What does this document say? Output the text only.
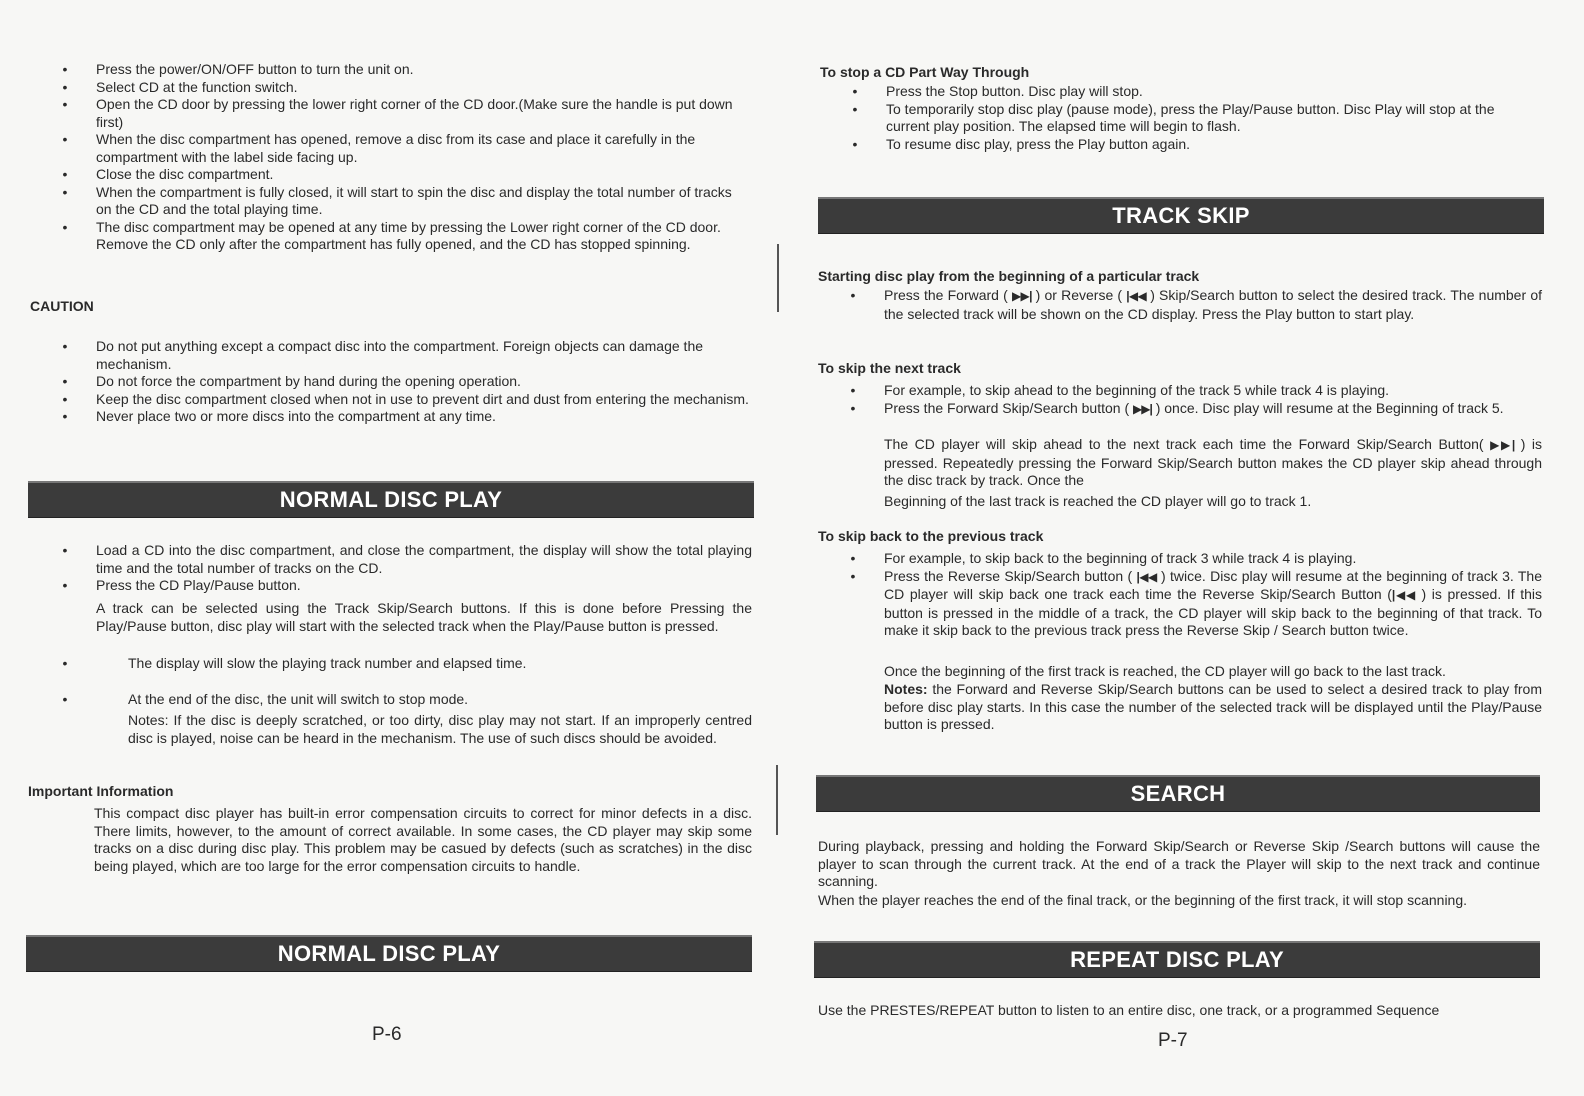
• Press the power/ON/OFF button to turn the unit on.
• Select CD at the function switch.
• Open the CD door by pressing the lower right corner of the CD door.(Make sure the handle is put down first)
• When the disc compartment has opened, remove a disc from its case and place it carefully in the compartment with the label side facing up.
• Close the disc compartment.
• When the compartment is fully closed, it will start to spin the disc and display the total number of tracks on the CD and the total playing time.
• The disc compartment may be opened at any time by pressing the Lower right corner of the CD door. Remove the CD only after the compartment has fully opened, and the CD has stopped spinning.
CAUTION
• Do not put anything except a compact disc into the compartment. Foreign objects can damage the mechanism.
• Do not force the compartment by hand during the opening operation.
• Keep the disc compartment closed when not in use to prevent dirt and dust from entering the mechanism.
• Never place two or more discs into the compartment at any time.
NORMAL DISC PLAY
• Load a CD into the disc compartment, and close the compartment, the display will show the total playing time and the total number of tracks on the CD.
• Press the CD Play/Pause button.
A track can be selected using the Track Skip/Search buttons. If this is done before Pressing the Play/Pause button, disc play will start with the selected track when the Play/Pause button is pressed.
•	The display will slow the playing track number and elapsed time.
•	At the end of the disc, the unit will switch to stop mode.
Notes: If the disc is deeply scratched, or too dirty, disc play may not start. If an improperly centred disc is played, noise can be heard in the mechanism. The use of such discs should be avoided.
Important Information
This compact disc player has built-in error compensation circuits to correct for minor defects in a disc. There limits, however, to the amount of correct available. In some cases, the CD player may skip some tracks on a disc during disc play. This problem may be casued by defects (such as scratches) in the disc being played, which are too large for the error compensation circuits to handle.
NORMAL DISC PLAY
P-6
To stop a CD Part Way Through
• Press the Stop button. Disc play will stop.
• To temporarily stop disc play (pause mode), press the Play/Pause button. Disc Play will stop at the current play position. The elapsed time will begin to flash.
• To resume disc play, press the Play button again.
TRACK SKIP
Starting disc play from the beginning of a particular track
• Press the Forward ( ▶▶| ) or Reverse ( |◀◀ ) Skip/Search button to select the desired track. The number of the selected track will be shown on the CD display. Press the Play button to start play.
To skip the next track
• For example, to skip ahead to the beginning of the track 5 while track 4 is playing.
• Press the Forward Skip/Search button ( ▶▶| ) once. Disc play will resume at the Beginning of track 5.
The CD player will skip ahead to the next track each time the Forward Skip/Search Button( ▶▶| ) is pressed. Repeatedly pressing the Forward Skip/Search button makes the CD player skip ahead through the disc track by track. Once the
Beginning of the last track is reached the CD player will go to track 1.
To skip back to the previous track
• For example, to skip back to the beginning of track 3 while track 4 is playing.
• Press the Reverse Skip/Search button ( |◀◀ ) twice. Disc play will resume at the beginning of track 3. The CD player will skip back one track each time the Reverse Skip/Search Button (|◀◀ ) is pressed. If this button is pressed in the middle of a track, the CD player will skip back to the beginning of that track. To make it skip back to the previous track press the Reverse Skip / Search button twice.
Once the beginning of the first track is reached, the CD player will go back to the last track.
Notes: the Forward and Reverse Skip/Search buttons can be used to select a desired track to play from before disc play starts. In this case the number of the selected track will be displayed until the Play/Pause button is pressed.
SEARCH
During playback, pressing and holding the Forward Skip/Search or Reverse Skip /Search buttons will cause the player to scan through the current track. At the end of a track the Player will skip to the next track and continue scanning.
When the player reaches the end of the final track, or the beginning of the first track, it will stop scanning.
REPEAT DISC PLAY
Use the PRESTES/REPEAT button to listen to an entire disc, one track, or a programmed Sequence
P-7
